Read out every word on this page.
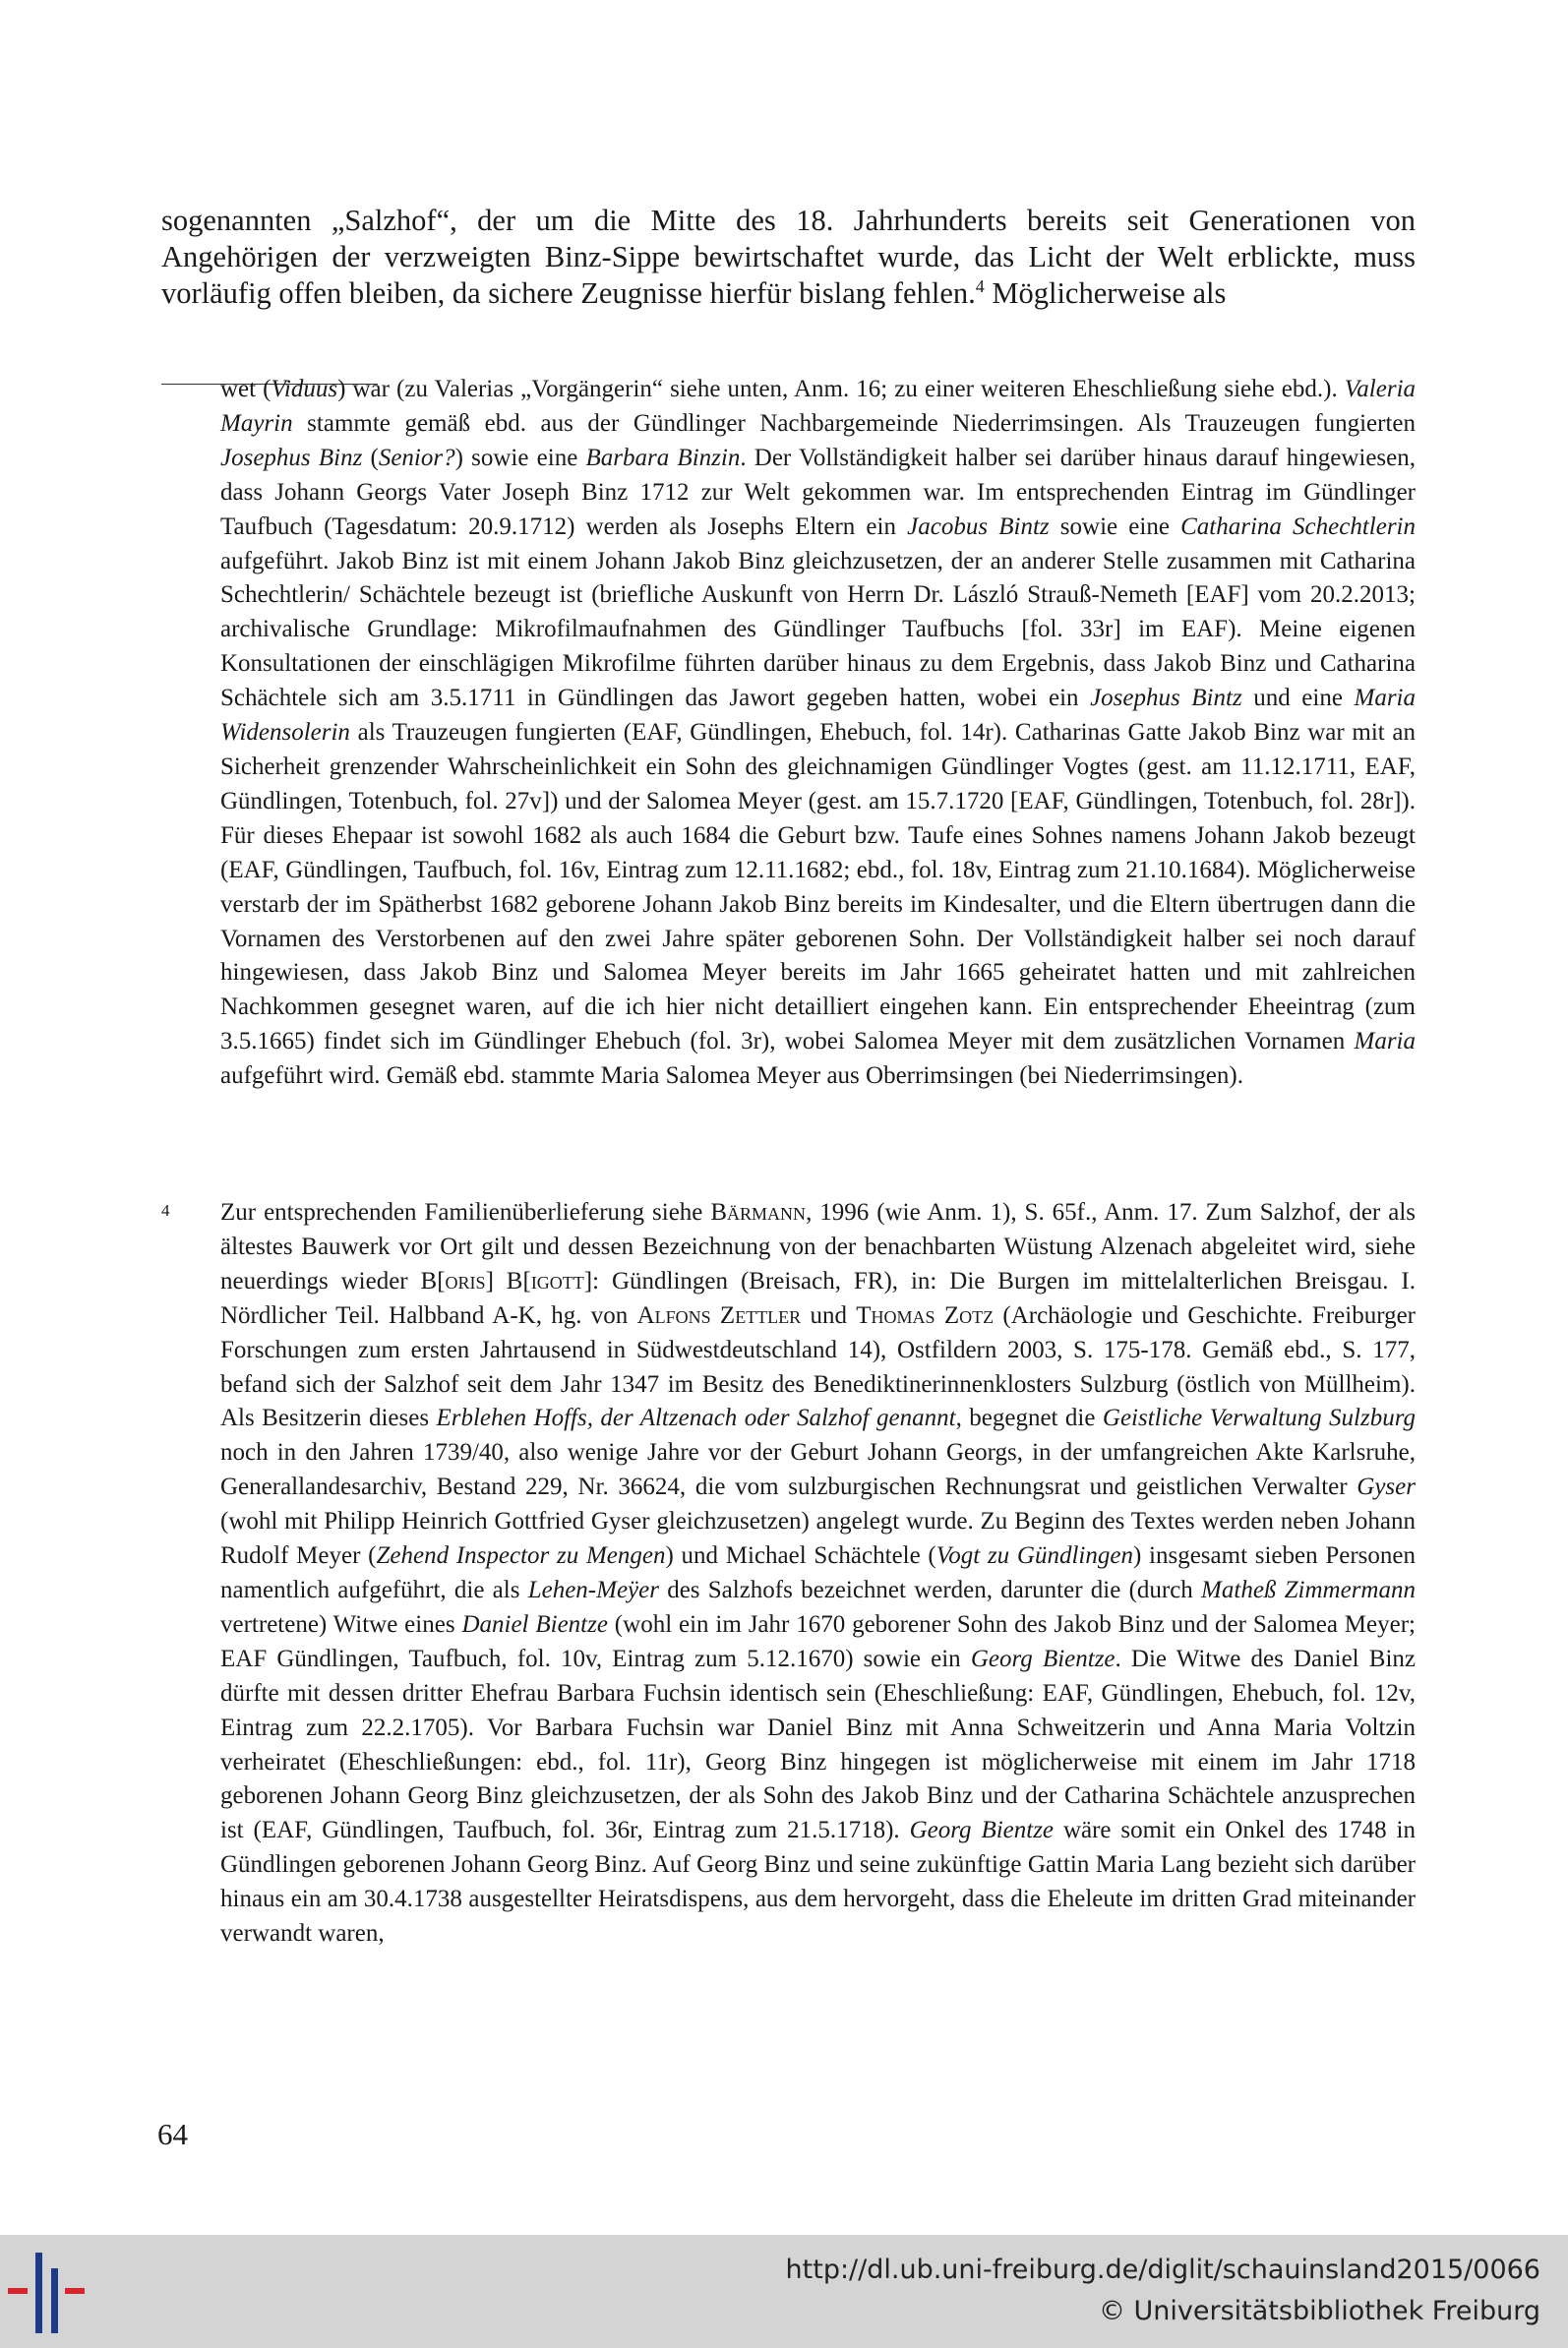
sogenannten „Salzhof“, der um die Mitte des 18. Jahrhunderts bereits seit Generationen von Angehörigen der verzweigten Binz-Sippe bewirtschaftet wurde, das Licht der Welt erblickte, muss vorläufig offen bleiben, da sichere Zeugnisse hierfür bislang fehlen.$^4$ Möglicherweise als

wet (Viduus) war (zu Valerias „Vorgängerin“ siehe unten, Anm. 16; zu einer weiteren Eheschließung siehe ebd.). Valeria Mayrin stammte gemäß ebd. aus der Gündlinger Nachbargemeinde Niederrimsingen. Als Trauzeugen fungierten Josephus Binz (Senior?) sowie eine Barbara Binzin. Der Vollständigkeit halber sei darüber hinaus darauf hingewiesen, dass Johann Georgs Vater Joseph Binz 1712 zur Welt gekommen war. Im entsprechenden Eintrag im Gündlinger Taufbuch (Tagesdatum: 20.9.1712) werden als Josephs Eltern ein Jacobus Bintz sowie eine Catharina Schechtlerin aufgeführt. Jakob Binz ist mit einem Johann Jakob Binz gleichzusetzen, der an anderer Stelle zusammen mit Catharina Schechtlerin/ Schächtele bezeugt ist (briefliche Auskunft von Herrn Dr. László Strauß-Nemeth [EAF] vom 20.2.2013; archivalische Grundlage: Mikrofilmaufnahmen des Gündlinger Taufbuchs [fol. 33r] im EAF). Meine eigenen Konsultationen der einschlägigen Mikrofilme führten darüber hinaus zu dem Ergebnis, dass Jakob Binz und Catharina Schächtele sich am 3.5.1711 in Gündlingen das Jawort gegeben hatten, wobei ein Josephus Bintz und eine Maria Widensolerin als Trauzeugen fungierten (EAF, Gündlingen, Ehebuch, fol. 14r). Catharinas Gatte Jakob Binz war mit an Sicherheit grenzender Wahrscheinlichkeit ein Sohn des gleichnamigen Gündlinger Vogtes (gest. am 11.12.1711, EAF, Gündlingen, Totenbuch, fol. 27v]) und der Salomea Meyer (gest. am 15.7.1720 [EAF, Gündlingen, Totenbuch, fol. 28r]). Für dieses Ehepaar ist sowohl 1682 als auch 1684 die Geburt bzw. Taufe eines Sohnes namens Johann Jakob bezeugt (EAF, Gündlingen, Taufbuch, fol. 16v, Eintrag zum 12.11.1682; ebd., fol. 18v, Eintrag zum 21.10.1684). Möglicherweise verstarb der im Spätherbst 1682 geborene Johann Jakob Binz bereits im Kindesalter, und die Eltern übertrugen dann die Vornamen des Verstorbenen auf den zwei Jahre später geborenen Sohn. Der Vollständigkeit halber sei noch darauf hingewiesen, dass Jakob Binz und Salomea Meyer bereits im Jahr 1665 geheiratet hatten und mit zahlreichen Nachkommen gesegnet waren, auf die ich hier nicht detailliert eingehen kann. Ein entsprechender Eheeintrag (zum 3.5.1665) findet sich im Gündlinger Ehebuch (fol. 3r), wobei Salomea Meyer mit dem zusätzlichen Vornamen Maria aufgeführt wird. Gemäß ebd. stammte Maria Salomea Meyer aus Oberrimsingen (bei Niederrimsingen).

4 Zur entsprechenden Familienüberlieferung siehe Bärmann, 1996 (wie Anm. 1), S. 65f., Anm. 17. Zum Salzhof, der als ältestes Bauwerk vor Ort gilt und dessen Bezeichnung von der benachbarten Wüstung Alzenach abgeleitet wird, siehe neuerdings wieder B[oris] B[igott]: Gündlingen (Breisach, FR), in: Die Burgen im mittelalterlichen Breisgau. I. Nördlicher Teil. Halbband A-K, hg. von Alfons Zettler und Thomas Zotz (Archäologie und Geschichte. Freiburger Forschungen zum ersten Jahrtausend in Südwestdeutschland 14), Ostfildern 2003, S. 175-178. Gemäß ebd., S. 177, befand sich der Salzhof seit dem Jahr 1347 im Besitz des Benediktinerinnenklosters Sulzburg (östlich von Müllheim). Als Besitzerin dieses Erblehen Hoffs, der Altzenach oder Salzhof genannt, begegnet die Geistliche Verwaltung Sulzburg noch in den Jahren 1739/40, also wenige Jahre vor der Geburt Johann Georgs, in der umfangreichen Akte Karlsruhe, Generallandesarchiv, Bestand 229, Nr. 36624, die vom sulzburgischen Rechnungsrat und geistlichen Verwalter Gyser (wohl mit Philipp Heinrich Gottfried Gyser gleichzusetzen) angelegt wurde. Zu Beginn des Textes werden neben Johann Rudolf Meyer (Zehend Inspector zu Mengen) und Michael Schächtele (Vogt zu Gündlingen) insgesamt sieben Personen namentlich aufgeführt, die als Lehen-Meÿer des Salzhofs bezeichnet werden, darunter die (durch Matheß Zimmermann vertretene) Witwe eines Daniel Bientze (wohl ein im Jahr 1670 geborener Sohn des Jakob Binz und der Salomea Meyer; EAF Gündlingen, Taufbuch, fol. 10v, Eintrag zum 5.12.1670) sowie ein Georg Bientze. Die Witwe des Daniel Binz dürfte mit dessen dritter Ehefrau Barbara Fuchsin identisch sein (Eheschließung: EAF, Gündlingen, Ehebuch, fol. 12v, Eintrag zum 22.2.1705). Vor Barbara Fuchsin war Daniel Binz mit Anna Schweitzerin und Anna Maria Voltzin verheiratet (Eheschließungen: ebd., fol. 11r), Georg Binz hingegen ist möglicherweise mit einem im Jahr 1718 geborenen Johann Georg Binz gleichzusetzen, der als Sohn des Jakob Binz und der Catharina Schächtele anzusprechen ist (EAF, Gündlingen, Taufbuch, fol. 36r, Eintrag zum 21.5.1718). Georg Bientze wäre somit ein Onkel des 1748 in Gündlingen geborenen Johann Georg Binz. Auf Georg Binz und seine zukünftige Gattin Maria Lang bezieht sich darüber hinaus ein am 30.4.1738 ausgestellter Heiratsdispens, aus dem hervorgeht, dass die Eheleute im dritten Grad miteinander verwandt waren,

64
http://dl.ub.uni-freiburg.de/diglit/schauinsland2015/0066
© Universitätsbibliothek Freiburg
